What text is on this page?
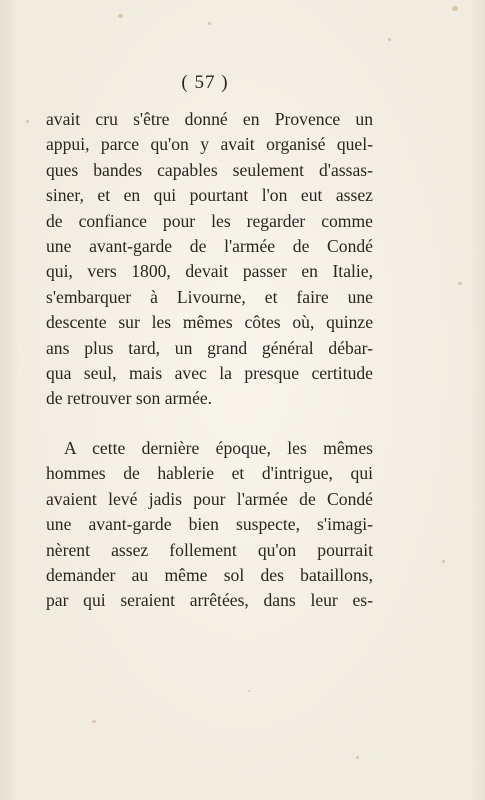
( 57 )
avait cru s'être donné en Provence un
appui, parce qu'on y avait organisé quel-
ques bandes capables seulement d'assas-
siner, et en qui pourtant l'on eut assez
de confiance pour les regarder comme
une avant-garde de l'armée de Condé
qui, vers 1800, devait passer en Italie,
s'embarquer à Livourne, et faire une
descente sur les mêmes côtes où, quinze
ans plus tard, un grand général débar-
qua seul, mais avec la presque certitude
de retrouver son armée.
A cette dernière époque, les mêmes
hommes de hablerie et d'intrigue, qui
avaient levé jadis pour l'armée de Condé
une avant-garde bien suspecte, s'imagi-
nèrent assez follement qu'on pourrait
demander au même sol des bataillons,
par qui seraient arrêtées, dans leur es-
